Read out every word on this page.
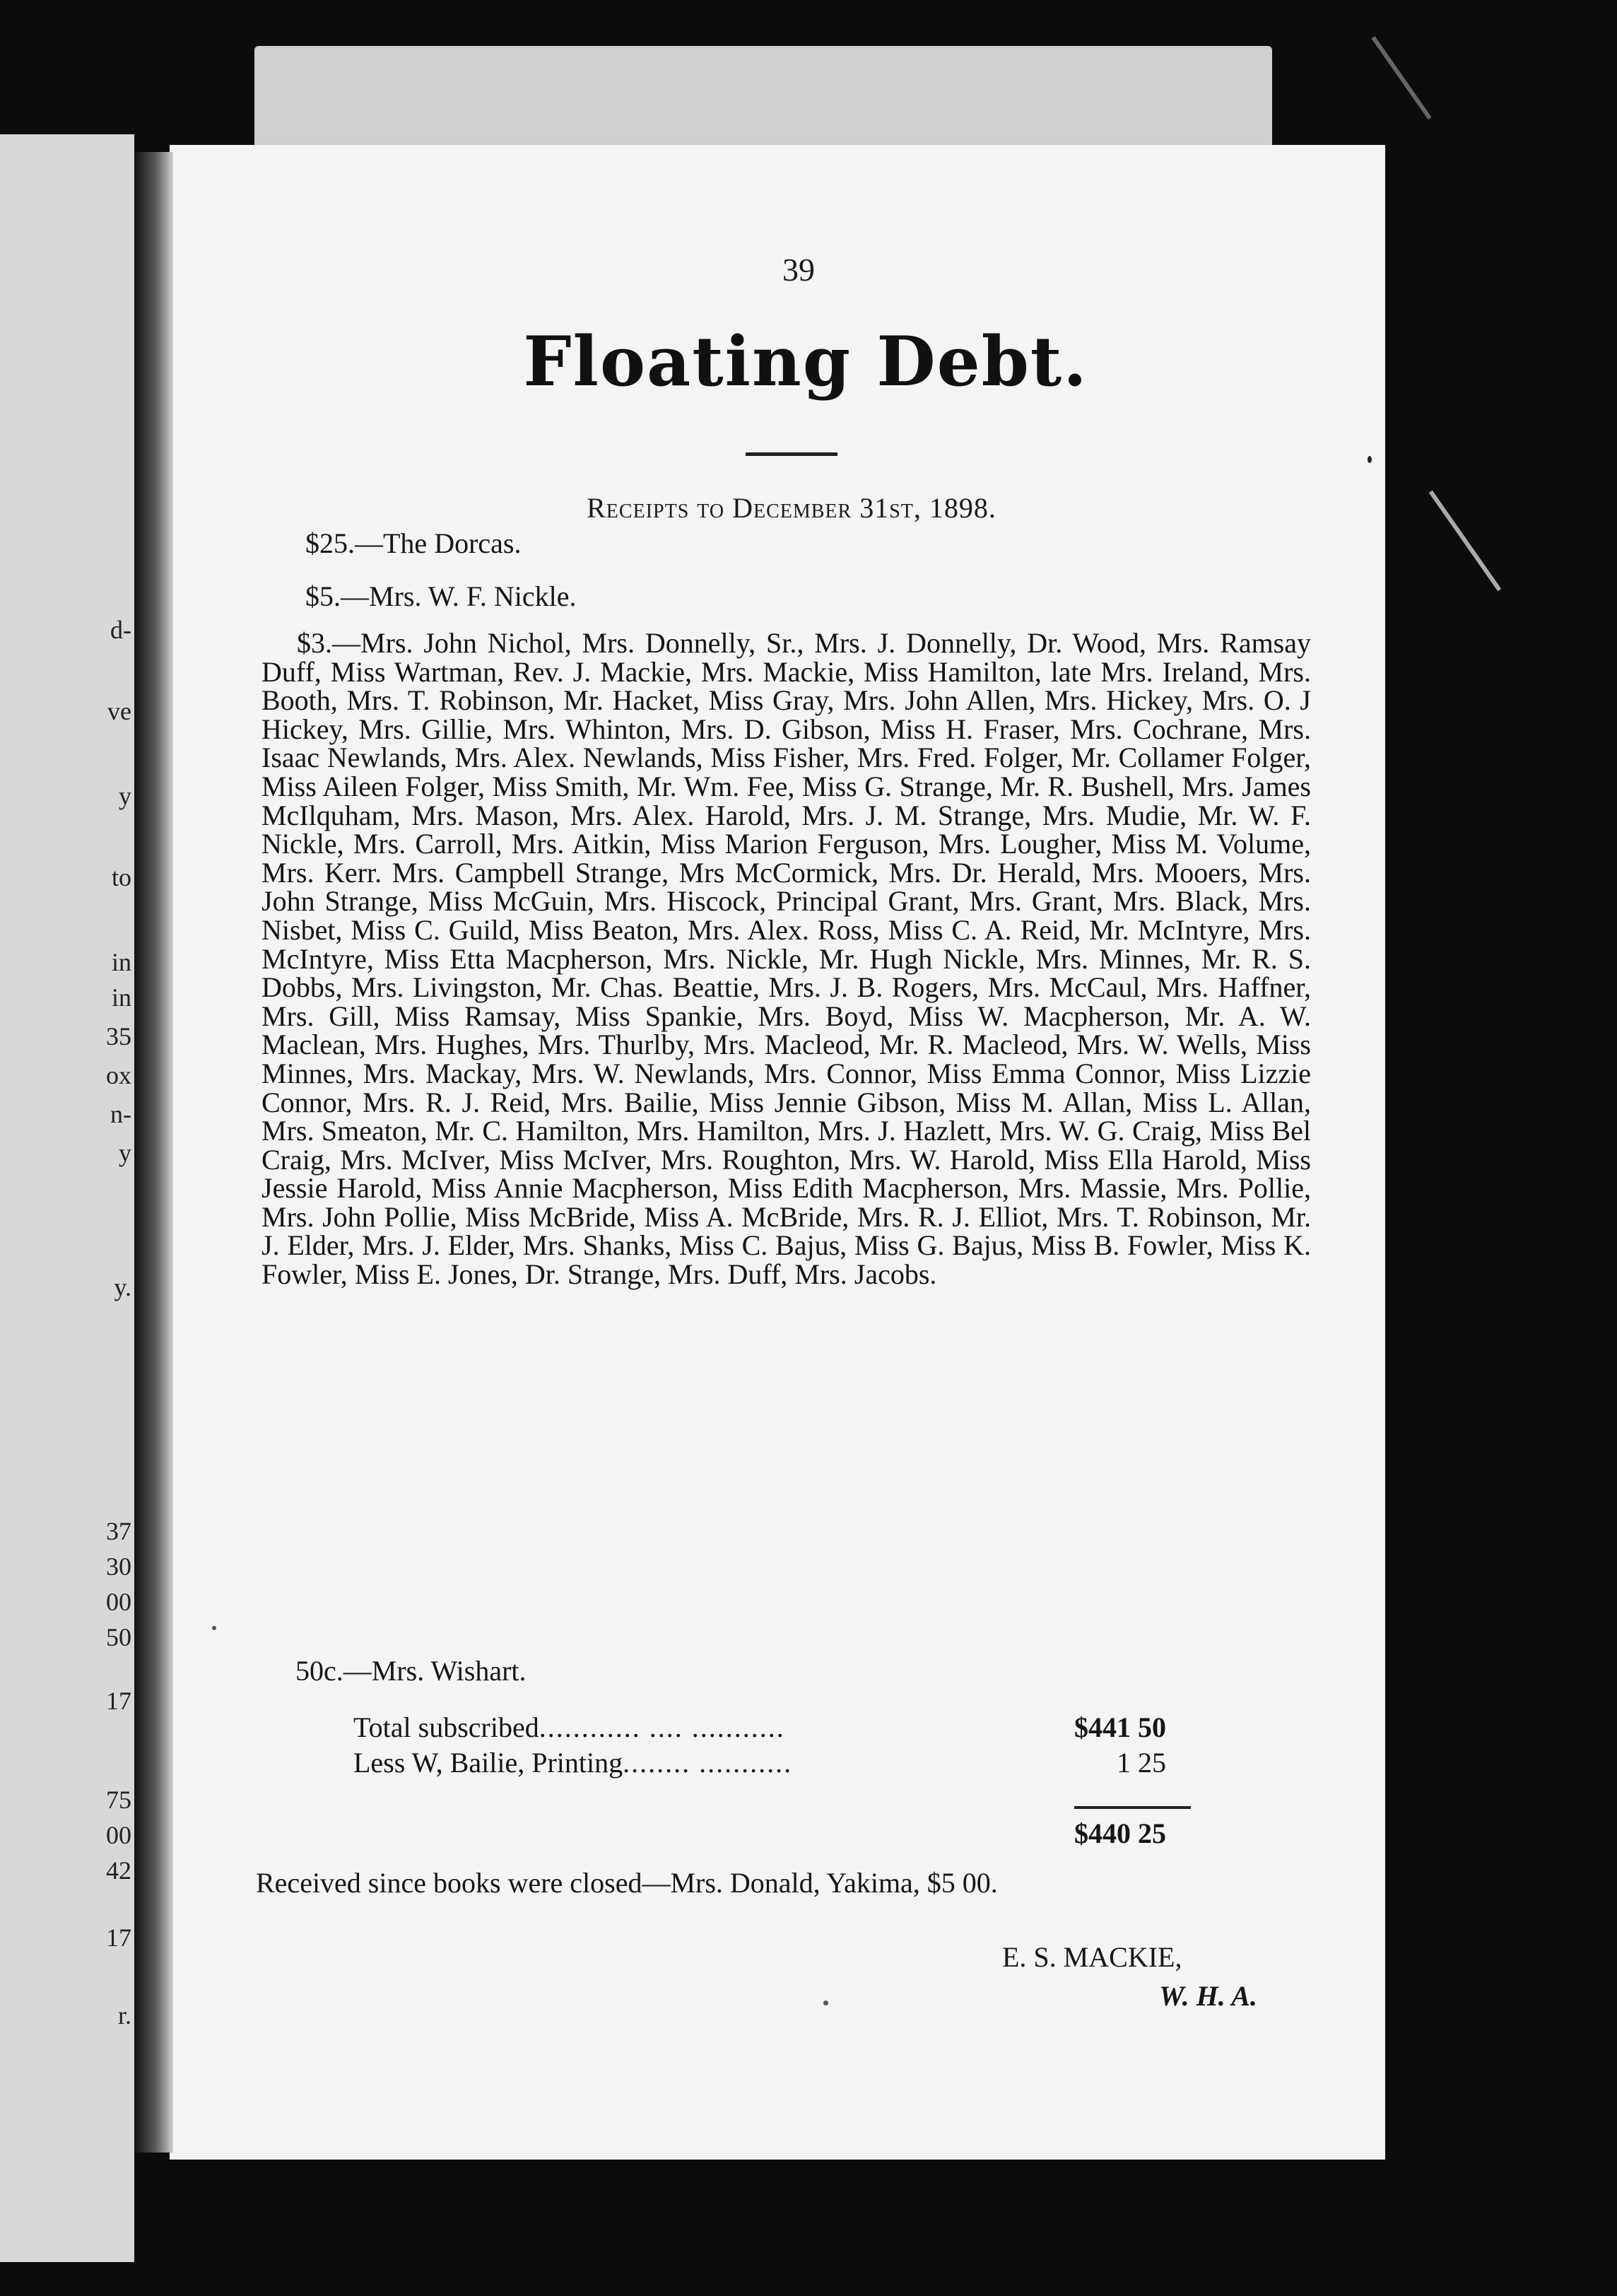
d-
ve
y
to
in
in
35
ox
n-
y
y.
37
30
00
50
17
75
00
42
17
r.
39
Floating Debt.
Receipts to December 31st, 1898.
$25.—The Dorcas.
$5.—Mrs. W. F. Nickle.
$3.—Mrs. John Nichol, Mrs. Donnelly, Sr., Mrs. J. Donnelly, Dr. Wood, Mrs. Ramsay Duff, Miss Wartman, Rev. J. Mackie, Mrs. Mackie, Miss Hamilton, late Mrs. Ireland, Mrs. Booth, Mrs. T. Robinson, Mr. Hacket, Miss Gray, Mrs. John Allen, Mrs. Hickey, Mrs. O. J Hickey, Mrs. Gillie, Mrs. Whinton, Mrs. D. Gibson, Miss H. Fraser, Mrs. Cochrane, Mrs. Isaac Newlands, Mrs. Alex. Newlands, Miss Fisher, Mrs. Fred. Folger, Mr. Collamer Folger, Miss Aileen Folger, Miss Smith, Mr. Wm. Fee, Miss G. Strange, Mr. R. Bushell, Mrs. James McIlquham, Mrs. Mason, Mrs. Alex. Harold, Mrs. J. M. Strange, Mrs. Mudie, Mr. W. F. Nickle, Mrs. Carroll, Mrs. Aitkin, Miss Marion Ferguson, Mrs. Lougher, Miss M. Volume, Mrs. Kerr. Mrs. Campbell Strange, Mrs McCormick, Mrs. Dr. Herald, Mrs. Mooers, Mrs. John Strange, Miss McGuin, Mrs. Hiscock, Principal Grant, Mrs. Grant, Mrs. Black, Mrs. Nisbet, Miss C. Guild, Miss Beaton, Mrs. Alex. Ross, Miss C. A. Reid, Mr. McIntyre, Mrs. McIntyre, Miss Etta Macpherson, Mrs. Nickle, Mr. Hugh Nickle, Mrs. Minnes, Mr. R. S. Dobbs, Mrs. Livingston, Mr. Chas. Beattie, Mrs. J. B. Rogers, Mrs. McCaul, Mrs. Haffner, Mrs. Gill, Miss Ramsay, Miss Spankie, Mrs. Boyd, Miss W. Macpherson, Mr. A. W. Maclean, Mrs. Hughes, Mrs. Thurlby, Mrs. Macleod, Mr. R. Macleod, Mrs. W. Wells, Miss Minnes, Mrs. Mackay, Mrs. W. Newlands, Mrs. Connor, Miss Emma Connor, Miss Lizzie Connor, Mrs. R. J. Reid, Mrs. Bailie, Miss Jennie Gibson, Miss M. Allan, Miss L. Allan, Mrs. Smeaton, Mr. C. Hamilton, Mrs. Hamilton, Mrs. J. Hazlett, Mrs. W. G. Craig, Miss Bel Craig, Mrs. McIver, Miss McIver, Mrs. Roughton, Mrs. W. Harold, Miss Ella Harold, Miss Jessie Harold, Miss Annie Macpherson, Miss Edith Macpherson, Mrs. Massie, Mrs. Pollie, Mrs. John Pollie, Miss McBride, Miss A. McBride, Mrs. R. J. Elliot, Mrs. T. Robinson, Mr. J. Elder, Mrs. J. Elder, Mrs. Shanks, Miss C. Bajus, Miss G. Bajus, Miss B. Fowler, Miss K. Fowler, Miss E. Jones, Dr. Strange, Mrs. Duff, Mrs. Jacobs.
50c.—Mrs. Wishart.
Total subscribed............ .... ...........	$441 50
Less W, Bailie, Printing........ ...........	1 25
$440 25
Received since books were closed—Mrs. Donald, Yakima, $5 00.
E. S. MACKIE,
W. H. A.
